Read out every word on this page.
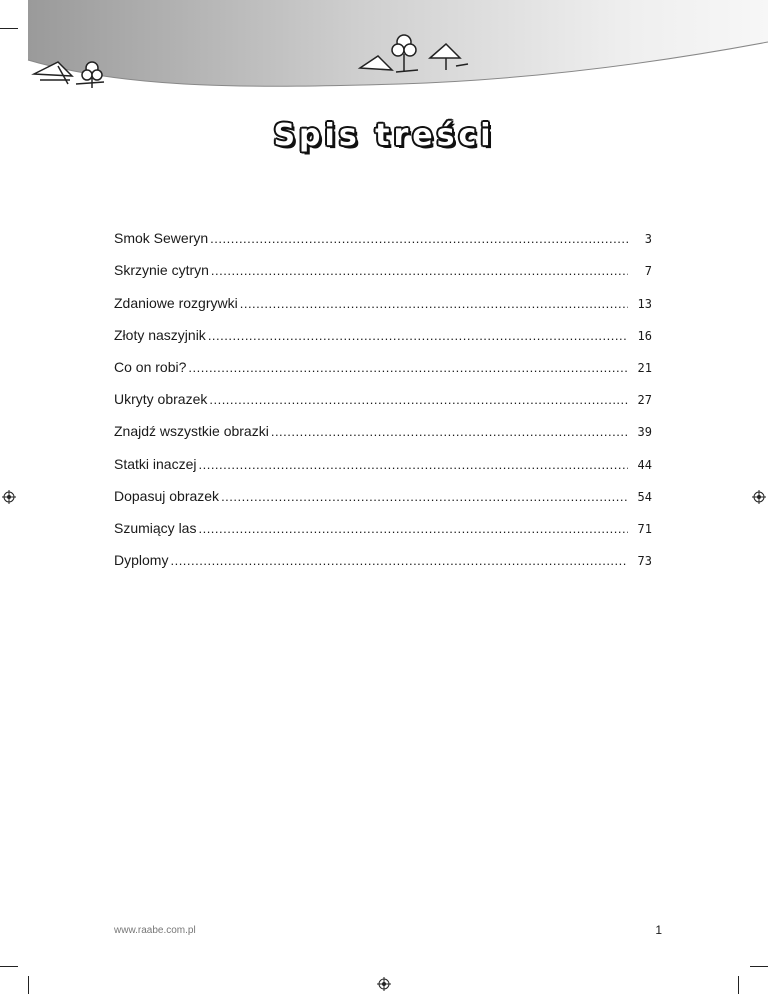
Spis treści
Smok Seweryn .....	3
Skrzynie cytryn .....	7
Zdaniowe rozgrywki .....	13
Złoty naszyjnik .....	16
Co on robi? .....	21
Ukryty obrazek .....	27
Znajdź wszystkie obrazki .....	39
Statki inaczej .....	44
Dopasuj obrazek .....	54
Szumiący las .....	71
Dyplomy .....	73
www.raabe.com.pl	1
